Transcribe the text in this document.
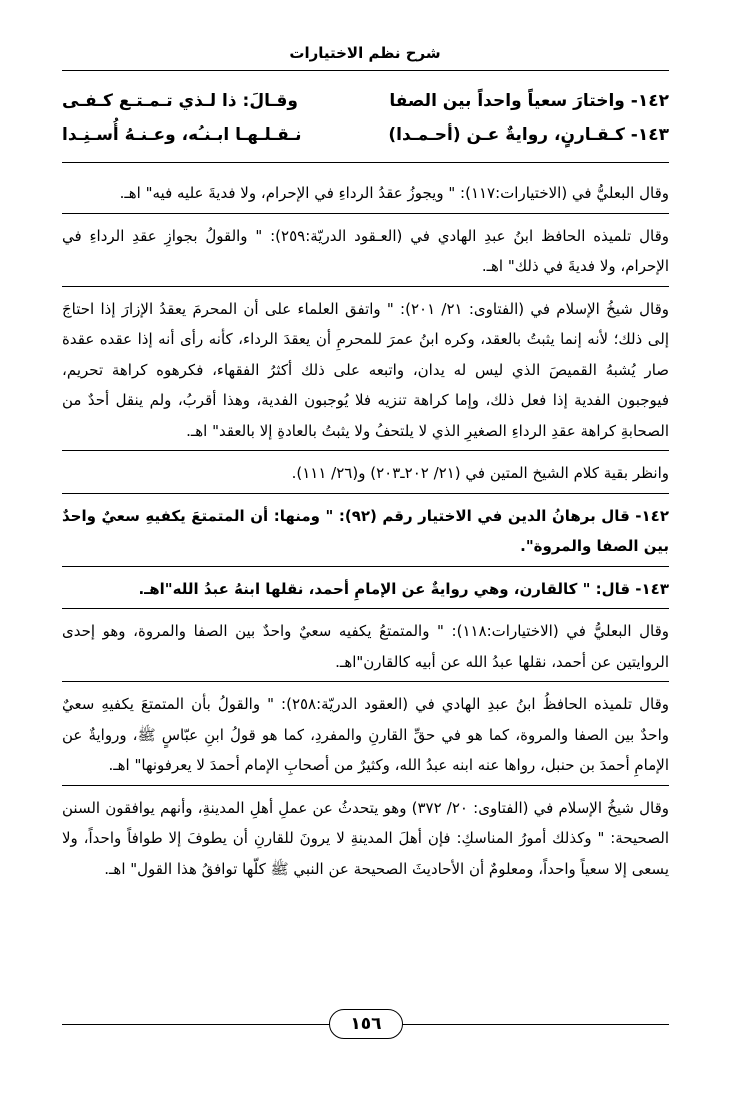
شرح نظم الاختيارات
١٤٢- واختارَ سعياً واحداً بين الصفا
وقـالَ: ذا لـذي تـمـتـع كـفـى
١٤٣- كـقـارنٍ، روايةٌ عـن (أحـمـدا)
نـقـلـهـا ابـنـُه، وعـنـهُ أُسـنِـدا

وقال البعليُّ في (الاختيارات:١١٧): " ويجوزُ عقدُ الرداءِ في الإحرام، ولا فديةَ عليه فيه" اهـ.

وقال تلميذه الحافظ ابنُ عبدِ الهادي في (العـقود الدريّة:٢٥٩): " والقولُ بجوازِ عقدِ الرداءِ في الإحرام، ولا فديةَ في ذلك" اهـ.

وقال شيخُ الإسلام في (الفتاوى: ٢١/ ٢٠١): " واتفق العلماء على أن المحرمَ يعقدُ الإزارَ إذا احتاجَ إلى ذلك؛ لأنه إنما يثبتُ بالعقد، وكره ابنُ عمرَ للمحرمِ أن يعقدَ الرداء، كأنه رأى أنه إذا عقده عقدة صار يُشبهُ القميصَ الذي ليس له يدان، واتبعه على ذلك أكثرُ الفقهاء، فكرهوه كراهة تحريم، فيوجبون الفدية إذا فعل ذلك، وإما كراهة تنزيه فلا يُوجبون الفدية، وهذا أقربُ، ولم ينقل أحدٌ من الصحابةِ كراهة عقدِ الرداءِ الصغيرِ الذي لا يلتحفُ ولا يثبتُ بالعادةِ إلا بالعقد" اهـ.

وانظر بقية كلام الشيخ المتين في (٢١/ ٢٠٢ـ٢٠٣) و(٢٦/ ١١١).

١٤٢- قال برهانُ الدين في الاختيار رقم (٩٢): " ومنها: أن المتمتعَ يكفيهِ سعيٌ واحدٌ بين الصفا والمروة".

١٤٣- قال: " كالقارن، وهي روايةٌ عن الإمامِ أحمد، نقلها ابنهُ عبدُ الله"اهـ.

وقال البعليُّ في (الاختيارات:١١٨): " والمتمتعُ يكفيه سعيٌ واحدٌ بين الصفا والمروة، وهو إحدى الروايتين عن أحمد، نقلها عبدُ الله عن أبيه كالقارن"اهـ.

وقال تلميذه الحافظُ ابنُ عبدِ الهادي في (العقود الدريّة:٢٥٨): " والقولُ بأن المتمتعَ يكفيهِ سعيٌ واحدٌ بين الصفا والمروة، كما هو في حقِّ القارنِ والمفردِ، كما هو قولُ ابنِ عبّاسٍ ﷺ، وروايةٌ عن الإمامِ أحمدَ بن حنبل، رواها عنه ابنه عبدُ الله، وكثيرٌ من أصحابِ الإمام أحمدَ لا يعرفونها" اهـ.

وقال شيخُ الإسلام في (الفتاوى: ٢٠/ ٣٧٢) وهو يتحدثُ عن عملِ أهلِ المدينةِ، وأنهم يوافقون السنن الصحيحة: " وكذلك أمورُ المناسكِ: فإن أهلَ المدينةِ لا يرونَ للقارنِ أن يطوفَ إلا طوافاً واحداً، ولا يسعى إلا سعياً واحداً، ومعلومٌ أن الأحاديثَ الصحيحة عن النبي ﷺ كلّها توافقُ هذا القول" اهـ.

١٥٦
